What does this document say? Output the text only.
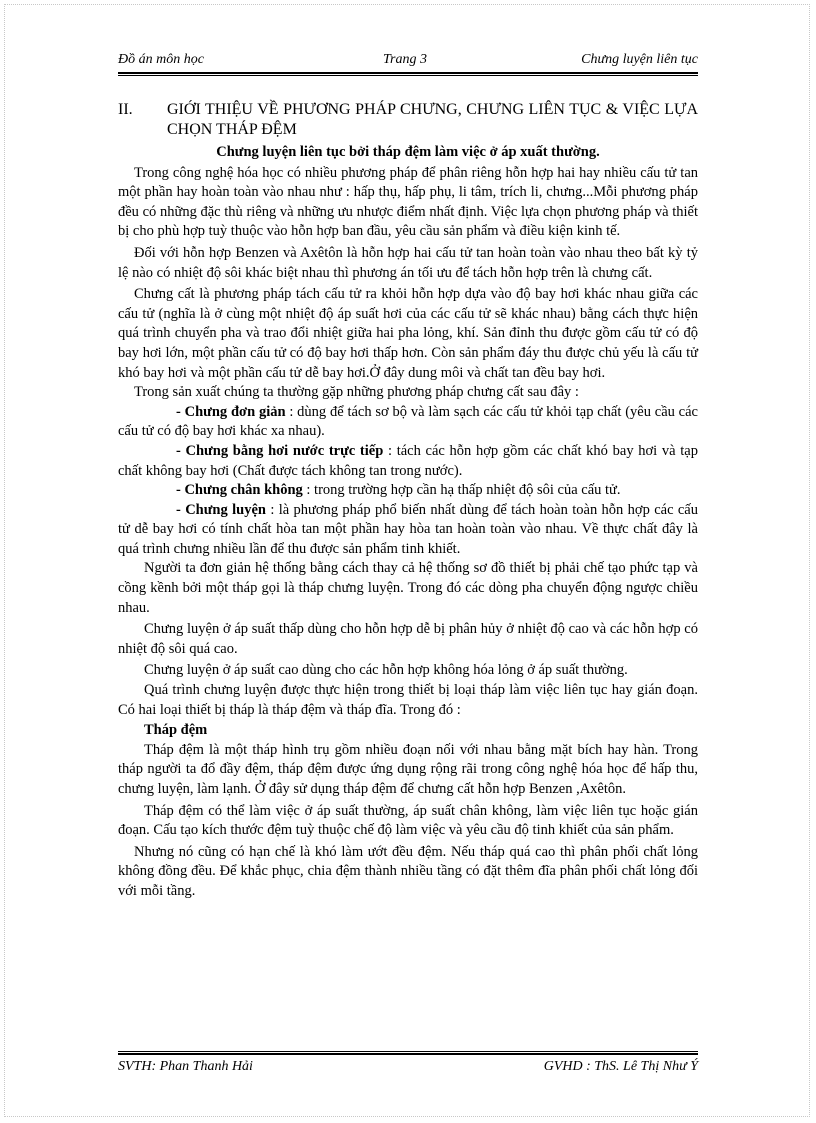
Đồ án môn học	Trang 3	Chưng luyện liên tục
II.	GIỚI THIỆU VỀ PHƯƠNG PHÁP CHƯNG, CHƯNG LIÊN TỤC & VIỆC LỰA CHỌN THÁP ĐỆM
Chưng luyện liên tục bởi tháp đệm làm việc ở áp xuất thường.

Trong công nghệ hóa học có nhiều phương pháp để phân riêng hỗn hợp hai hay nhiều cấu tử tan một phần hay hoàn toàn vào nhau như : hấp thụ, hấp phụ, li tâm, trích li, chưng...Mỗi phương pháp đều có những đặc thù riêng và những ưu nhược điểm nhất định. Việc lựa chọn phương pháp và thiết bị cho phù hợp tuỳ thuộc vào hỗn hợp ban đầu, yêu cầu sản phẩm và điều kiện kinh tế.

Đối với hỗn hợp Benzen và Axêtôn là hỗn hợp hai cấu tử tan hoàn toàn vào nhau theo bất kỳ tỷ lệ nào có nhiệt độ sôi khác biệt nhau thì phương án tối ưu để tách hỗn hợp trên là chưng cất.

Chưng cất là phương pháp tách cấu tử ra khỏi hỗn hợp dựa vào độ bay hơi khác nhau giữa các cấu tử (nghĩa là ở cùng một nhiệt độ áp suất hơi của các cấu tử sẽ khác nhau) bằng cách thực hiện quá trình chuyển pha và trao đổi nhiệt giữa hai pha lỏng, khí. Sản đỉnh thu được gồm cấu tử có độ bay hơi lớn, một phần cấu tử có độ bay hơi thấp hơn. Còn sản phẩm đáy thu được chủ yếu là cấu tử khó bay hơi và một phần cấu tử dễ bay hơi.Ở đây dung môi và chất tan đều bay hơi.

Trong sản xuất chúng ta thường gặp những phương pháp chưng cất sau đây :

- Chưng đơn giản : dùng để tách sơ bộ và làm sạch các cấu tử khỏi tạp chất (yêu cầu các cấu tử có độ bay hơi khác xa nhau).

- Chưng bằng hơi nước trực tiếp : tách các hỗn hợp gồm các chất khó bay hơi và tạp chất không bay hơi (Chất được tách không tan trong nước).

- Chưng chân không : trong trường hợp cần hạ thấp nhiệt độ sôi của cấu tử.

- Chưng luyện : là phương pháp phổ biến nhất dùng để tách hoàn toàn hỗn hợp các cấu tử dễ bay hơi có tính chất hòa tan một phần hay hòa tan hoàn toàn vào nhau. Về thực chất đây là quá trình chưng nhiều lần để thu được sản phẩm tinh khiết.

Người ta đơn giản hệ thống bằng cách thay cả hệ thống sơ đồ thiết bị phải chế tạo phức tạp và cồng kềnh bởi một tháp gọi là tháp chưng luyện. Trong đó các dòng pha chuyển động ngược chiều nhau.

Chưng luyện ở áp suất thấp dùng cho hỗn hợp dễ bị phân hủy ở nhiệt độ cao và các hỗn hợp có nhiệt độ sôi quá cao.

Chưng luyện ở áp suất cao dùng cho các hỗn hợp không hóa lỏng ở áp suất thường.

Quá trình chưng luyện được thực hiện trong thiết bị loại tháp làm việc liên tục hay gián đoạn. Có hai loại thiết bị tháp là tháp đệm và tháp đĩa. Trong đó :

Tháp đệm

Tháp đệm là một tháp hình trụ gồm nhiều đoạn nối với nhau bằng mặt bích hay hàn. Trong tháp người ta đổ đầy đệm, tháp đệm được ứng dụng rộng rãi trong công nghệ hóa học để hấp thu, chưng luyện, làm lạnh. Ở đây sử dụng tháp đệm để chưng cất hỗn hợp Benzen ,Axêtôn.

Tháp đệm có thể làm việc ở áp suất thường, áp suất chân không, làm việc liên tục hoặc gián đoạn. Cấu tạo kích thước đệm tuỳ thuộc chế độ làm việc và yêu cầu độ tinh khiết của sản phẩm.

Nhưng nó cũng có hạn chế là khó làm ướt đều đệm. Nếu tháp quá cao thì phân phối chất lỏng không đồng đều. Để khắc phục, chia đệm thành nhiều tầng có đặt thêm đĩa phân phối chất lỏng đối với mỗi tầng.

SVTH: Phan Thanh Hải	GVHD : ThS. Lê Thị Như Ý
